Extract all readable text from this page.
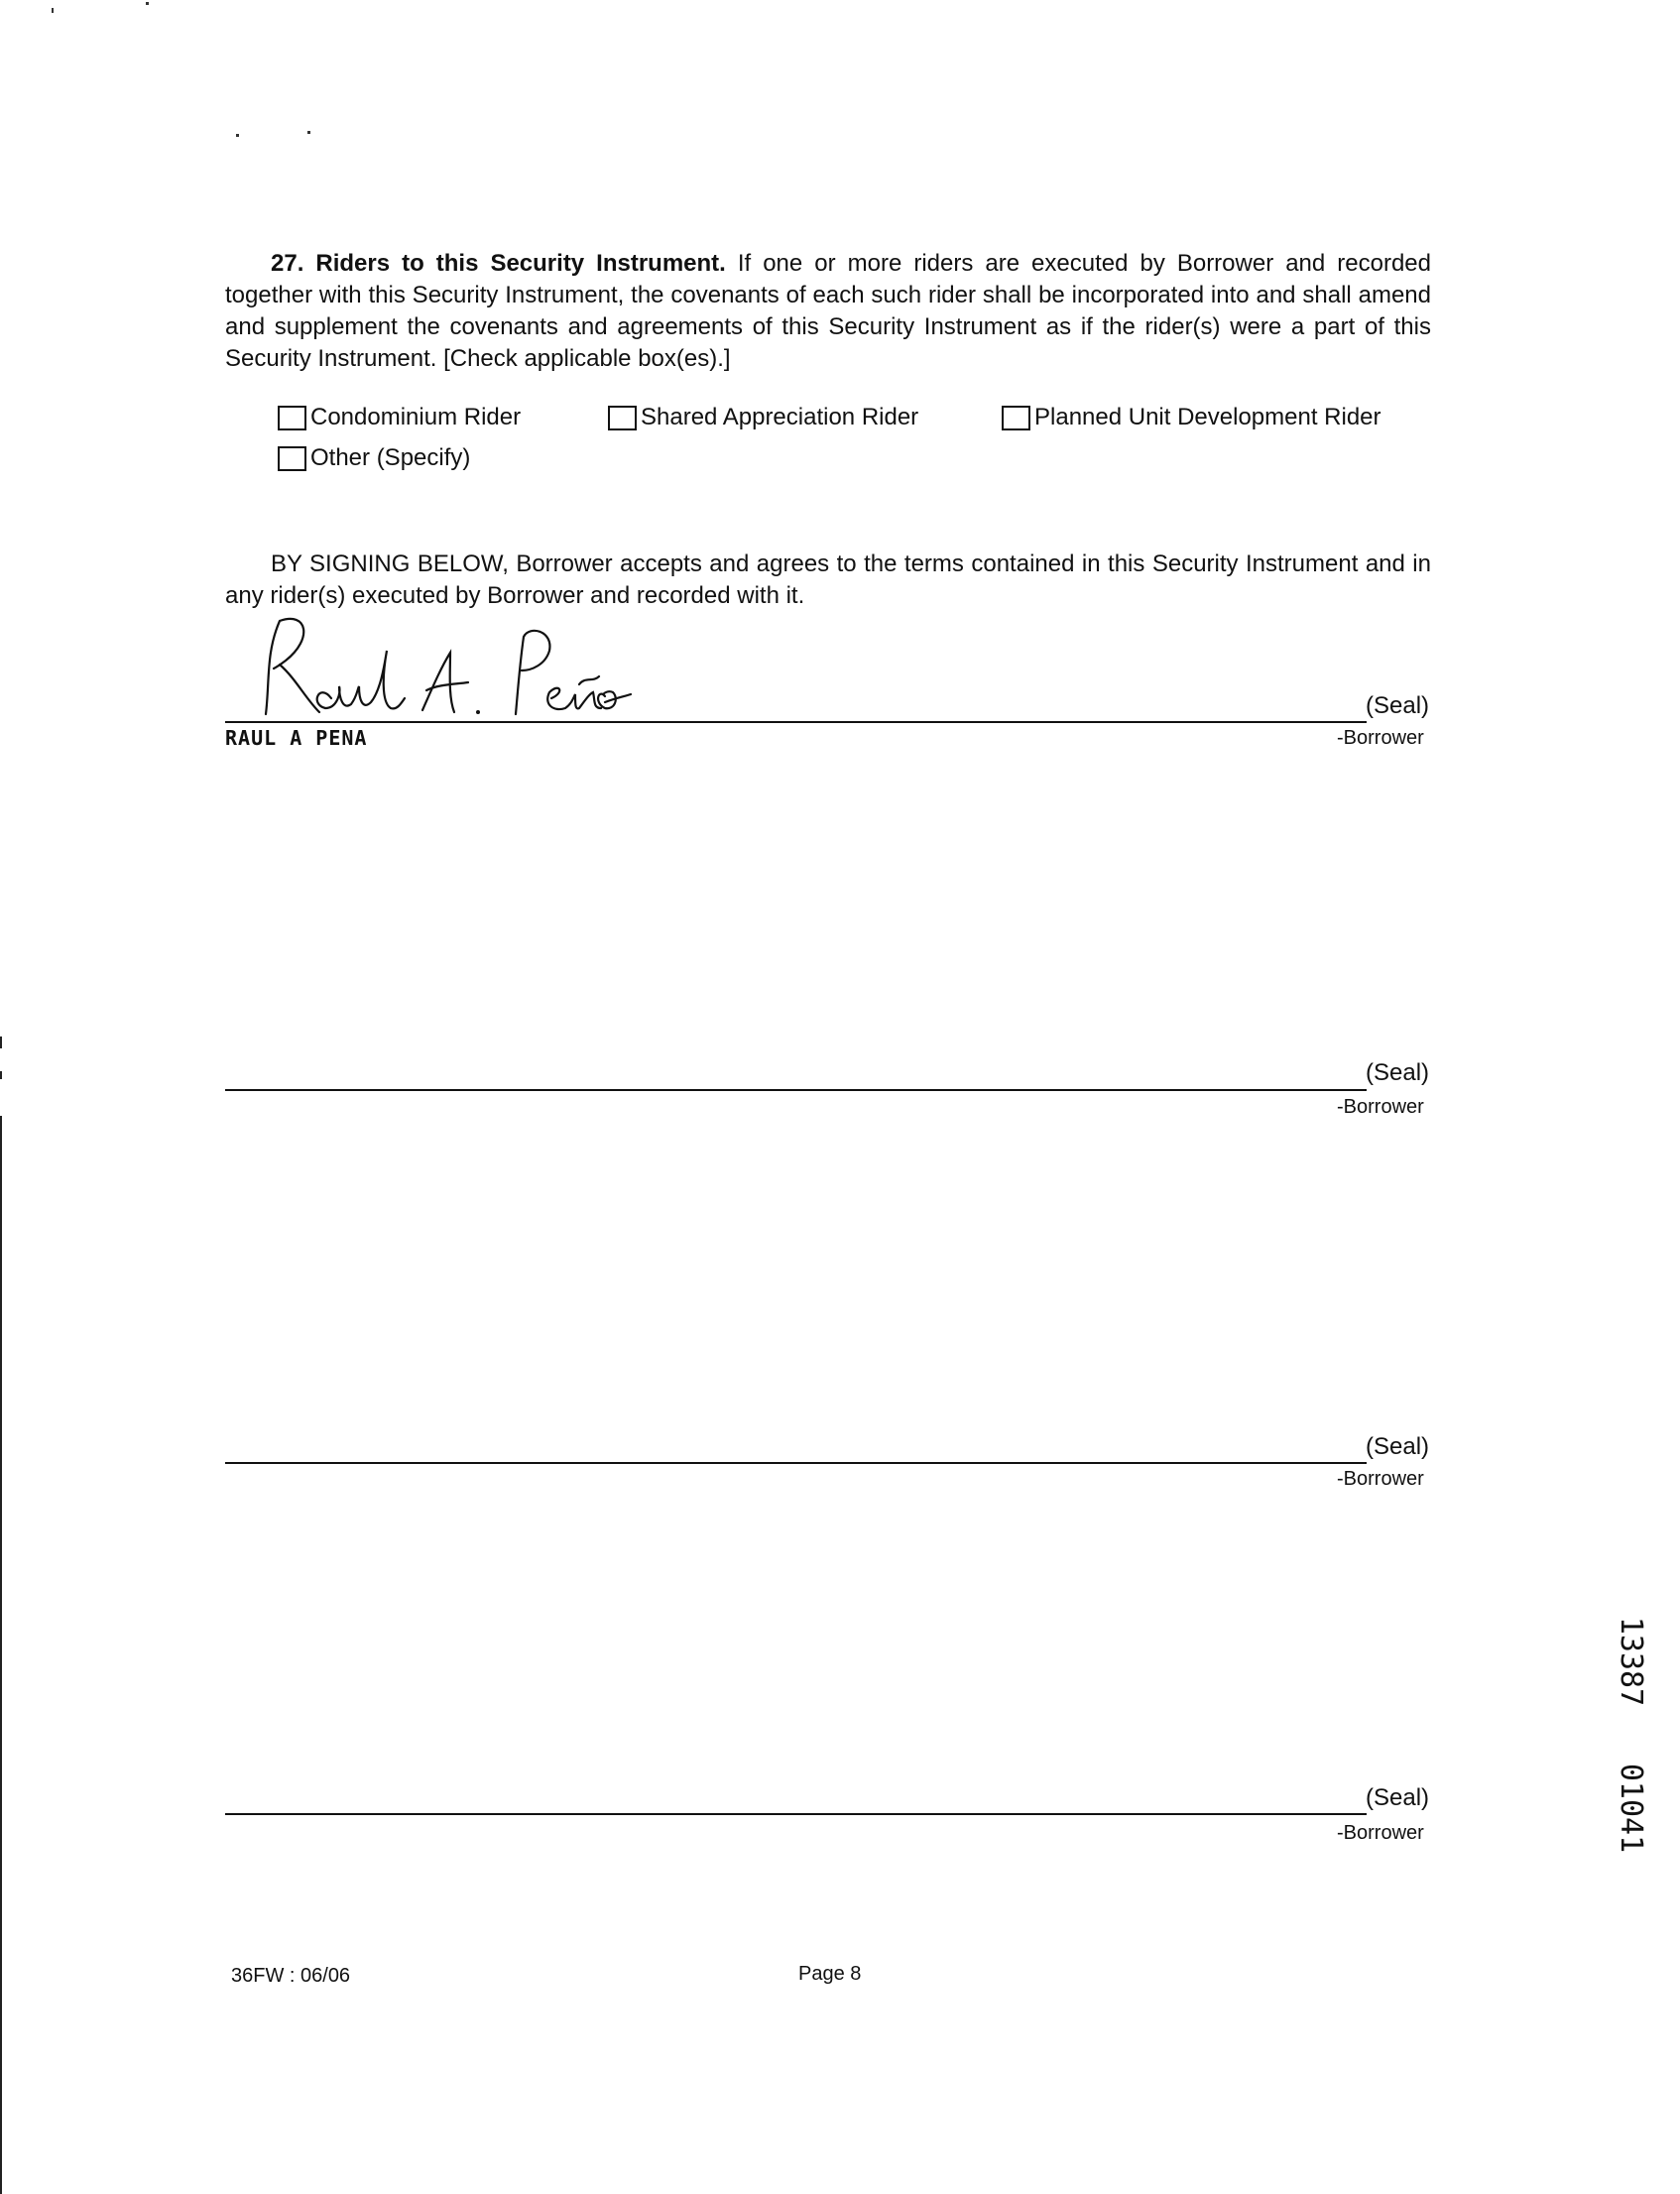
27. Riders to this Security Instrument. If one or more riders are executed by Borrower and recorded together with this Security Instrument, the covenants of each such rider shall be incorporated into and shall amend and supplement the covenants and agreements of this Security Instrument as if the rider(s) were a part of this Security Instrument. [Check applicable box(es).]

Condominium Rider	Shared Appreciation Rider	Planned Unit Development Rider
Other (Specify)

BY SIGNING BELOW, Borrower accepts and agrees to the terms contained in this Security Instrument and in any rider(s) executed by Borrower and recorded with it.

(Seal)
-Borrower
RAUL A PENA
(Seal)
-Borrower
(Seal)
-Borrower
(Seal)
-Borrower
36FW : 06/06	Page 8
13387
01041
